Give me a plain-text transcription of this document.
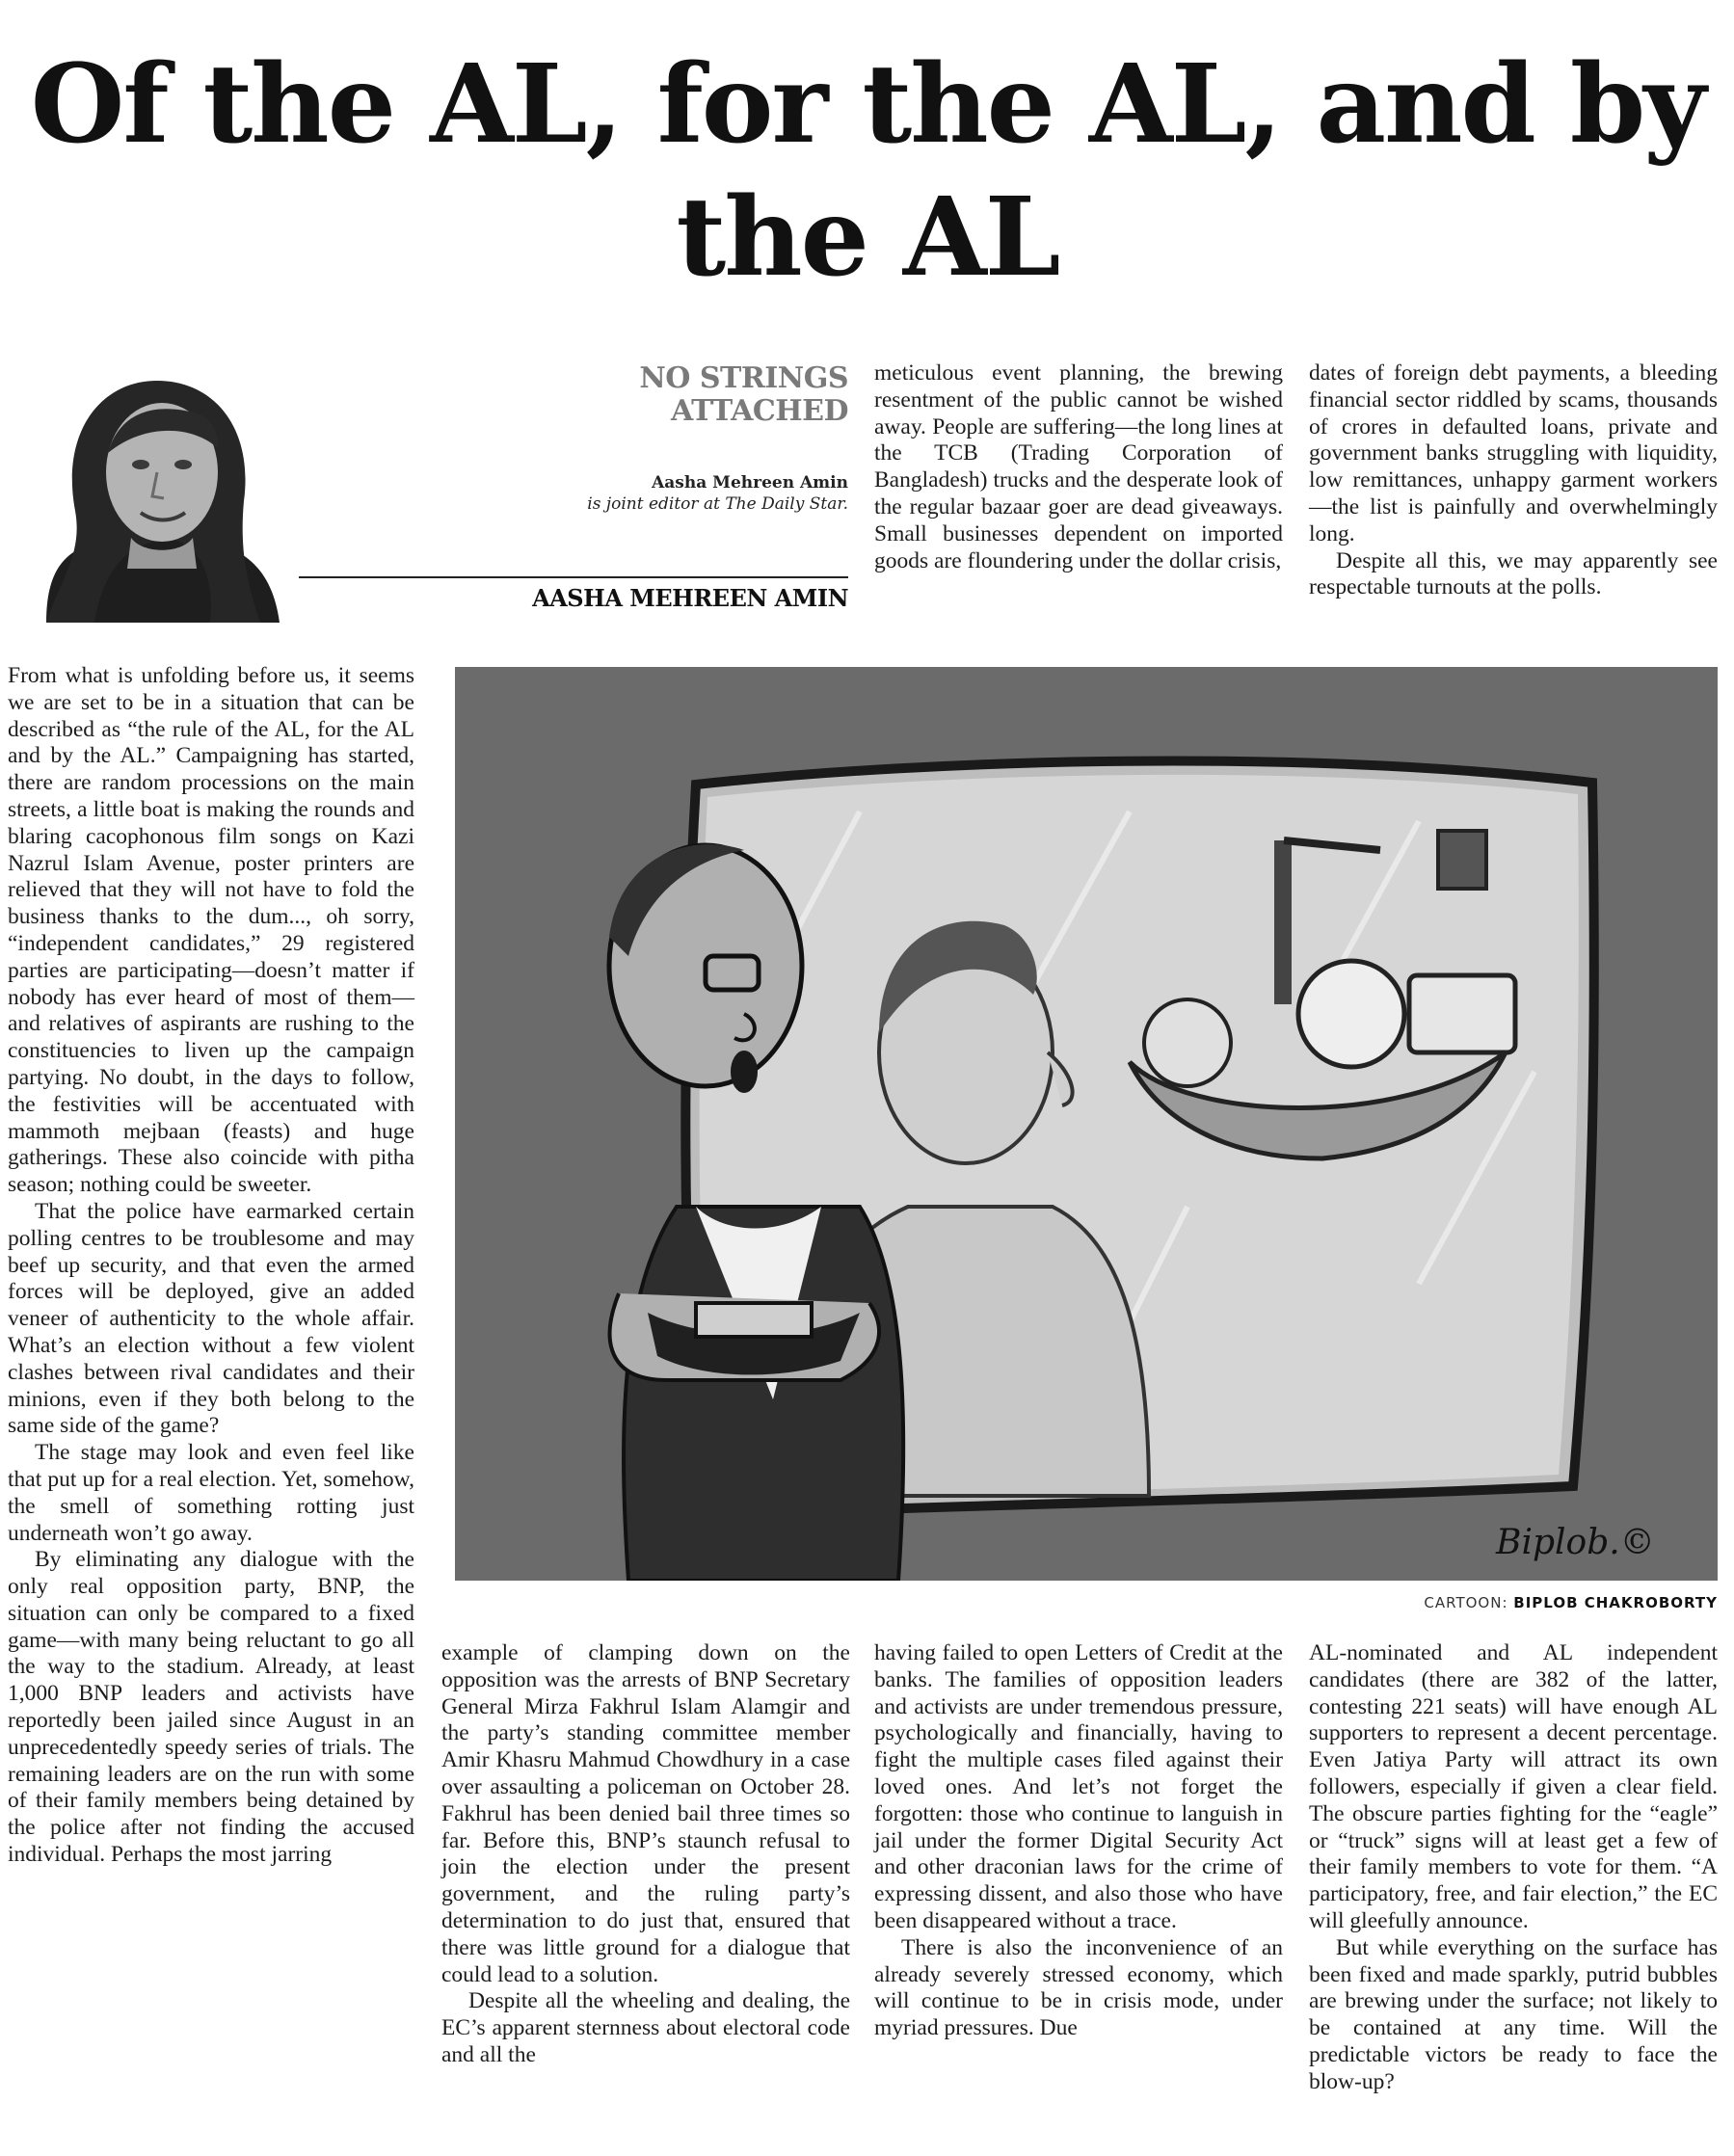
Of the AL, for the AL, and by the AL
NO STRINGS ATTACHED
Aasha Mehreen Amin
is joint editor at The Daily Star.
AASHA MEHREEN AMIN

meticulous event planning, the brewing resentment of the public cannot be wished away. People are suffering—the long lines at the TCB (Trading Corporation of Bangladesh) trucks and the desperate look of the regular bazaar goer are dead giveaways. Small businesses dependent on imported goods are floundering under the dollar crisis,

dates of foreign debt payments, a bleeding financial sector riddled by scams, thousands of crores in defaulted loans, private and government banks struggling with liquidity, low remittances, unhappy garment workers—the list is painfully and overwhelmingly long.

Despite all this, we may apparently see respectable turnouts at the polls.

From what is unfolding before us, it seems we are set to be in a situation that can be described as “the rule of the AL, for the AL and by the AL.” Campaigning has started, there are random processions on the main streets, a little boat is making the rounds and blaring cacophonous film songs on Kazi Nazrul Islam Avenue, poster printers are relieved that they will not have to fold the business thanks to the dum..., oh sorry, “independent candidates,” 29 registered parties are participating—doesn’t matter if nobody has ever heard of most of them—and relatives of aspirants are rushing to the constituencies to liven up the campaign partying. No doubt, in the days to follow, the festivities will be accentuated with mammoth mejbaan (feasts) and huge gatherings. These also coincide with pitha season; nothing could be sweeter.

That the police have earmarked certain polling centres to be troublesome and may beef up security, and that even the armed forces will be deployed, give an added veneer of authenticity to the whole affair. What’s an election without a few violent clashes between rival candidates and their minions, even if they both belong to the same side of the game?

The stage may look and even feel like that put up for a real election. Yet, somehow, the smell of something rotting just underneath won’t go away.

By eliminating any dialogue with the only real opposition party, BNP, the situation can only be compared to a fixed game—with many being reluctant to go all the way to the stadium. Already, at least 1,000 BNP leaders and activists have reportedly been jailed since August in an unprecedentedly speedy series of trials. The remaining leaders are on the run with some of their family members being detained by the police after not finding the accused individual. Perhaps the most jarring

Biplob.©
CARTOON: BIPLOB CHAKROBORTY

example of clamping down on the opposition was the arrests of BNP Secretary General Mirza Fakhrul Islam Alamgir and the party’s standing committee member Amir Khasru Mahmud Chowdhury in a case over assaulting a policeman on October 28. Fakhrul has been denied bail three times so far. Before this, BNP’s staunch refusal to join the election under the present government, and the ruling party’s determination to do just that, ensured that there was little ground for a dialogue that could lead to a solution.

Despite all the wheeling and dealing, the EC’s apparent sternness about electoral code and all the

having failed to open Letters of Credit at the banks. The families of opposition leaders and activists are under tremendous pressure, psychologically and financially, having to fight the multiple cases filed against their loved ones. And let’s not forget the forgotten: those who continue to languish in jail under the former Digital Security Act and other draconian laws for the crime of expressing dissent, and also those who have been disappeared without a trace.

There is also the inconvenience of an already severely stressed economy, which will continue to be in crisis mode, under myriad pressures. Due

AL-nominated and AL independent candidates (there are 382 of the latter, contesting 221 seats) will have enough AL supporters to represent a decent percentage. Even Jatiya Party will attract its own followers, especially if given a clear field. The obscure parties fighting for the “eagle” or “truck” signs will at least get a few of their family members to vote for them. “A participatory, free, and fair election,” the EC will gleefully announce.

But while everything on the surface has been fixed and made sparkly, putrid bubbles are brewing under the surface; not likely to be contained at any time. Will the predictable victors be ready to face the blow-up?
